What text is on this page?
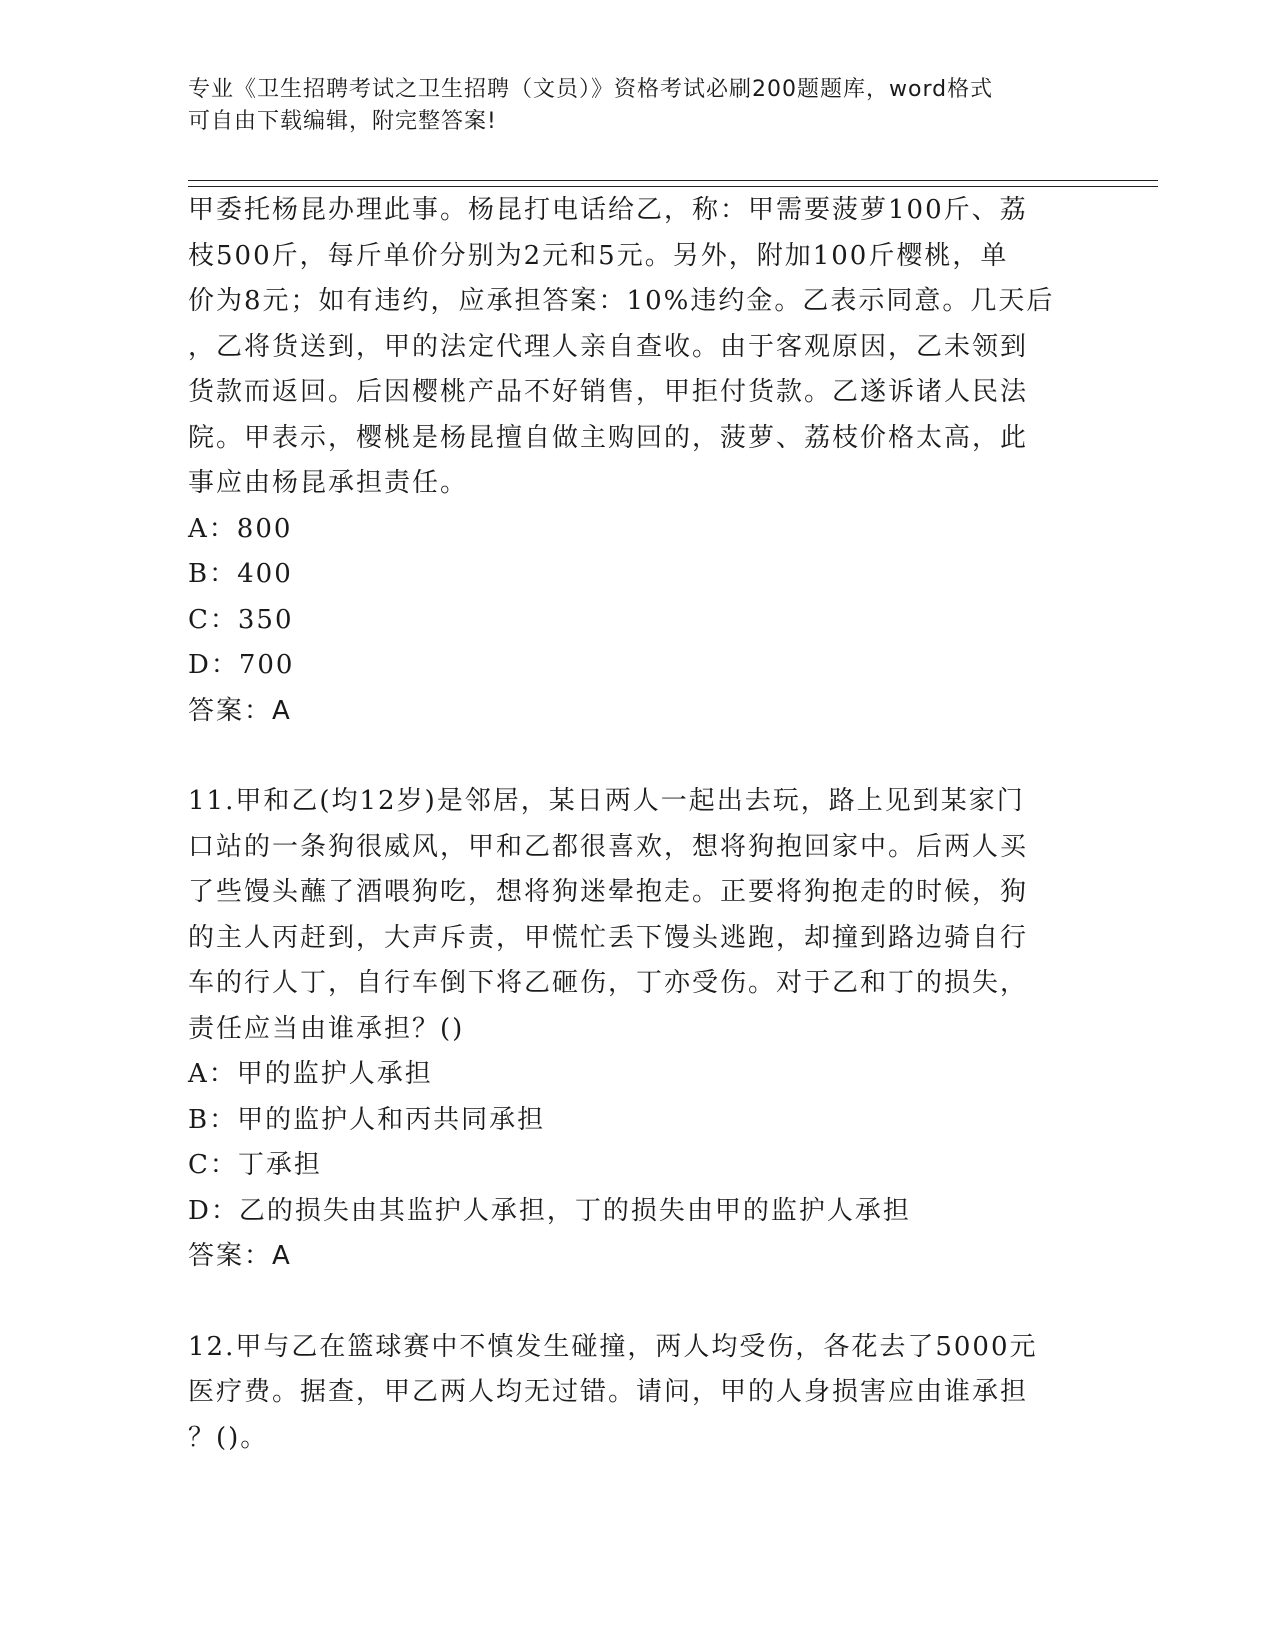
专业《卫生招聘考试之卫生招聘（文员）》资格考试必刷200题题库，word格式
可自由下载编辑，附完整答案!

甲委托杨昆办理此事。杨昆打电话给乙，称：甲需要菠萝100斤、荔

枝500斤，每斤单价分别为2元和5元。另外，附加100斤樱桃，单

价为8元；如有违约，应承担答案：10%违约金。乙表示同意。几天后

，乙将货送到，甲的法定代理人亲自查收。由于客观原因，乙未领到

货款而返回。后因樱桃产品不好销售，甲拒付货款。乙遂诉诸人民法

院。甲表示，樱桃是杨昆擅自做主购回的，菠萝、荔枝价格太高，此

事应由杨昆承担责任。

A：800

B：400

C：350

D：700

答案：A

11.甲和乙(均12岁)是邻居，某日两人一起出去玩，路上见到某家门

口站的一条狗很威风，甲和乙都很喜欢，想将狗抱回家中。后两人买

了些馒头蘸了酒喂狗吃，想将狗迷晕抱走。正要将狗抱走的时候，狗

的主人丙赶到，大声斥责，甲慌忙丢下馒头逃跑，却撞到路边骑自行

车的行人丁，自行车倒下将乙砸伤，丁亦受伤。对于乙和丁的损失，

责任应当由谁承担？()

A：甲的监护人承担

B：甲的监护人和丙共同承担

C：丁承担

D：乙的损失由其监护人承担，丁的损失由甲的监护人承担

答案：A

12.甲与乙在篮球赛中不慎发生碰撞，两人均受伤，各花去了5000元

医疗费。据查，甲乙两人均无过错。请问，甲的人身损害应由谁承担

？()。
